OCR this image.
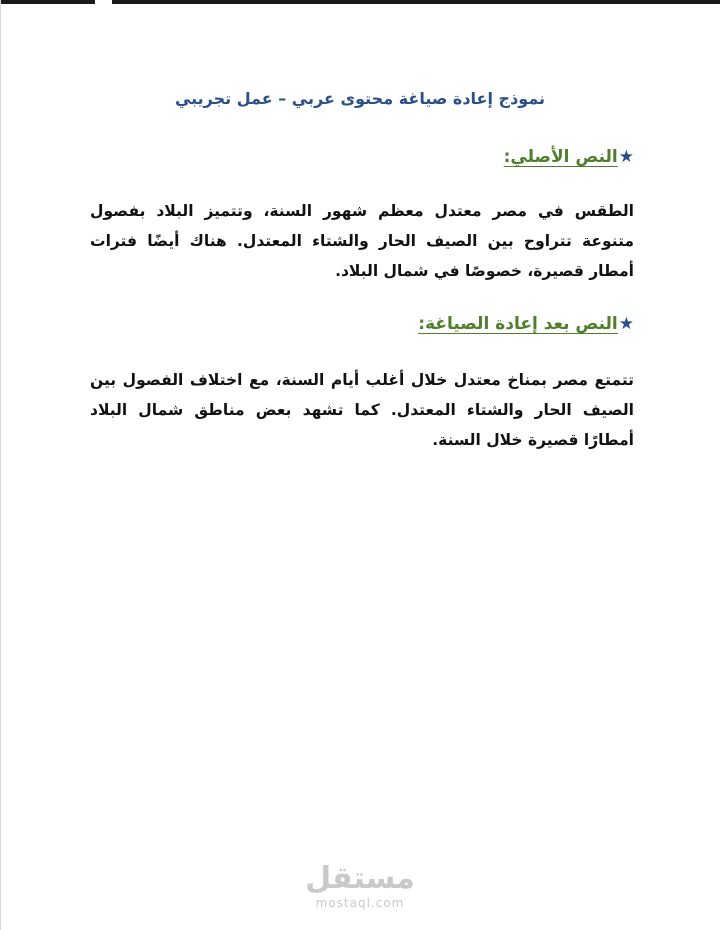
نموذج إعادة صياغة محتوى عربي – عمل تجريبي
★النص الأصلي:
الطقس في مصر معتدل معظم شهور السنة، وتتميز البلاد بفصول متنوعة تتراوح بين الصيف الحار والشتاء المعتدل. هناك أيضًا فترات أمطار قصيرة، خصوصًا في شمال البلاد.
★النص بعد إعادة الصياغة:
تتمتع مصر بمناخ معتدل خلال أغلب أيام السنة، مع اختلاف الفصول بين الصيف الحار والشتاء المعتدل. كما تشهد بعض مناطق شمال البلاد أمطارًا قصيرة خلال السنة.
مستقل
mostaql.com
